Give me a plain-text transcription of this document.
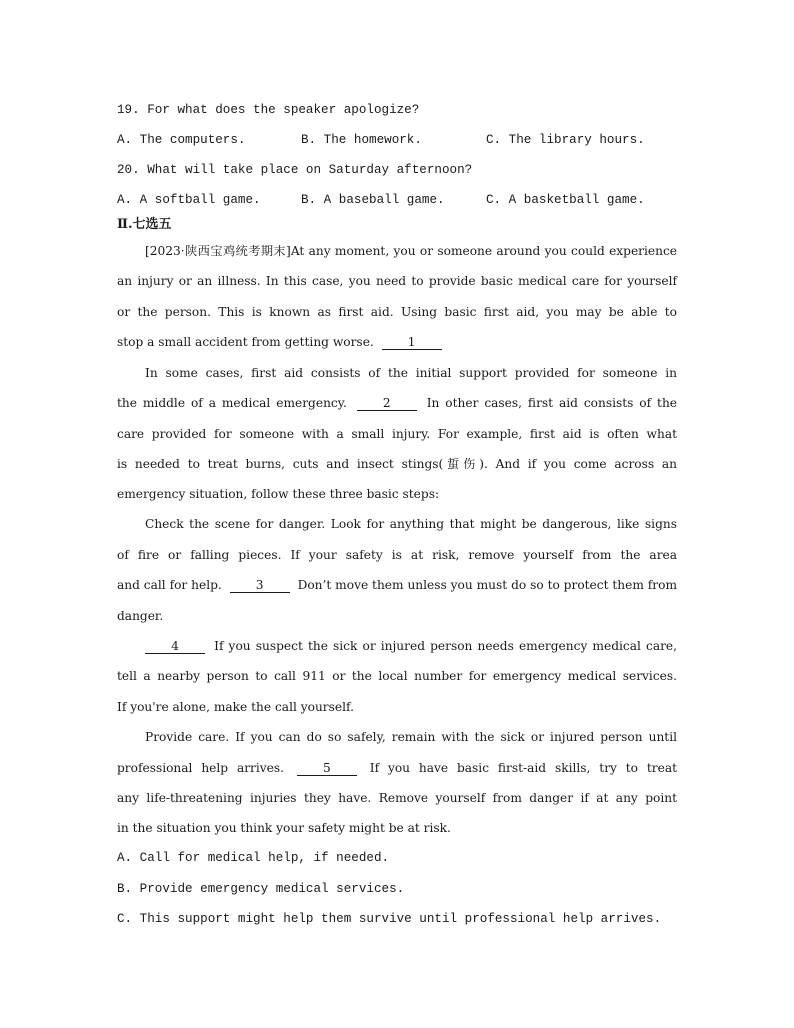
19. For what does the speaker apologize?
A. The computers.	B. The homework.	C. The library hours.
20. What will take place on Saturday afternoon?
A. A softball game.	B. A baseball game.	C. A basketball game.
Ⅱ.七选五
[2023·陕西宝鸡统考期末]At any moment, you or someone around you could experience
an injury or an illness. In this case, you need to provide basic medical care for yourself
or the person. This is known as first aid. Using basic first aid, you may be able to
stop a small accident from getting worse.	1
In some cases, first aid consists of the initial support provided for someone in
the middle of a medical emergency.	2	In other cases, first aid consists of the
care provided for someone with a small injury. For example, first aid is often what
is needed to treat burns, cuts and insect stings(蜇伤). And if you come across an
emergency situation, follow these three basic steps:
Check the scene for danger. Look for anything that might be dangerous, like signs
of fire or falling pieces. If your safety is at risk, remove yourself from the area
and call for help.	3	Don’t move them unless you must do so to protect them from
danger.
4	If you suspect the sick or injured person needs emergency medical care,
tell a nearby person to call 911 or the local number for emergency medical services.
If you're alone, make the call yourself.
Provide care. If you can do so safely, remain with the sick or injured person until
professional help arrives.	5	If you have basic first-aid skills, try to treat
any life-threatening injuries they have. Remove yourself from danger if at any point
in the situation you think your safety might be at risk.
A. Call for medical help, if needed.
B. Provide emergency medical services.
C. This support might help them survive until professional help arrives.
